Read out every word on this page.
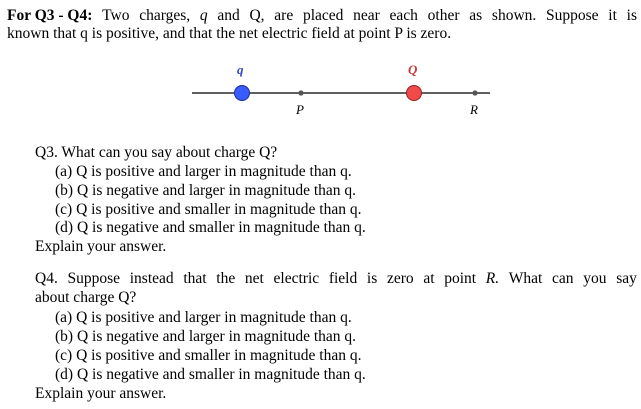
For Q3 - Q4: Two charges, q and Q, are placed near each other as shown. Suppose it is
known that q is positive, and that the net electric field at point P is zero.
q	Q
P	R
Q3. What can you say about charge Q?
(a) Q is positive and larger in magnitude than q.
(b) Q is negative and larger in magnitude than q.
(c) Q is positive and smaller in magnitude than q.
(d) Q is negative and smaller in magnitude than q.
Explain your answer.
Q4. Suppose instead that the net electric field is zero at point R. What can you say
about charge Q?
(a) Q is positive and larger in magnitude than q.
(b) Q is negative and larger in magnitude than q.
(c) Q is positive and smaller in magnitude than q.
(d) Q is negative and smaller in magnitude than q.
Explain your answer.
